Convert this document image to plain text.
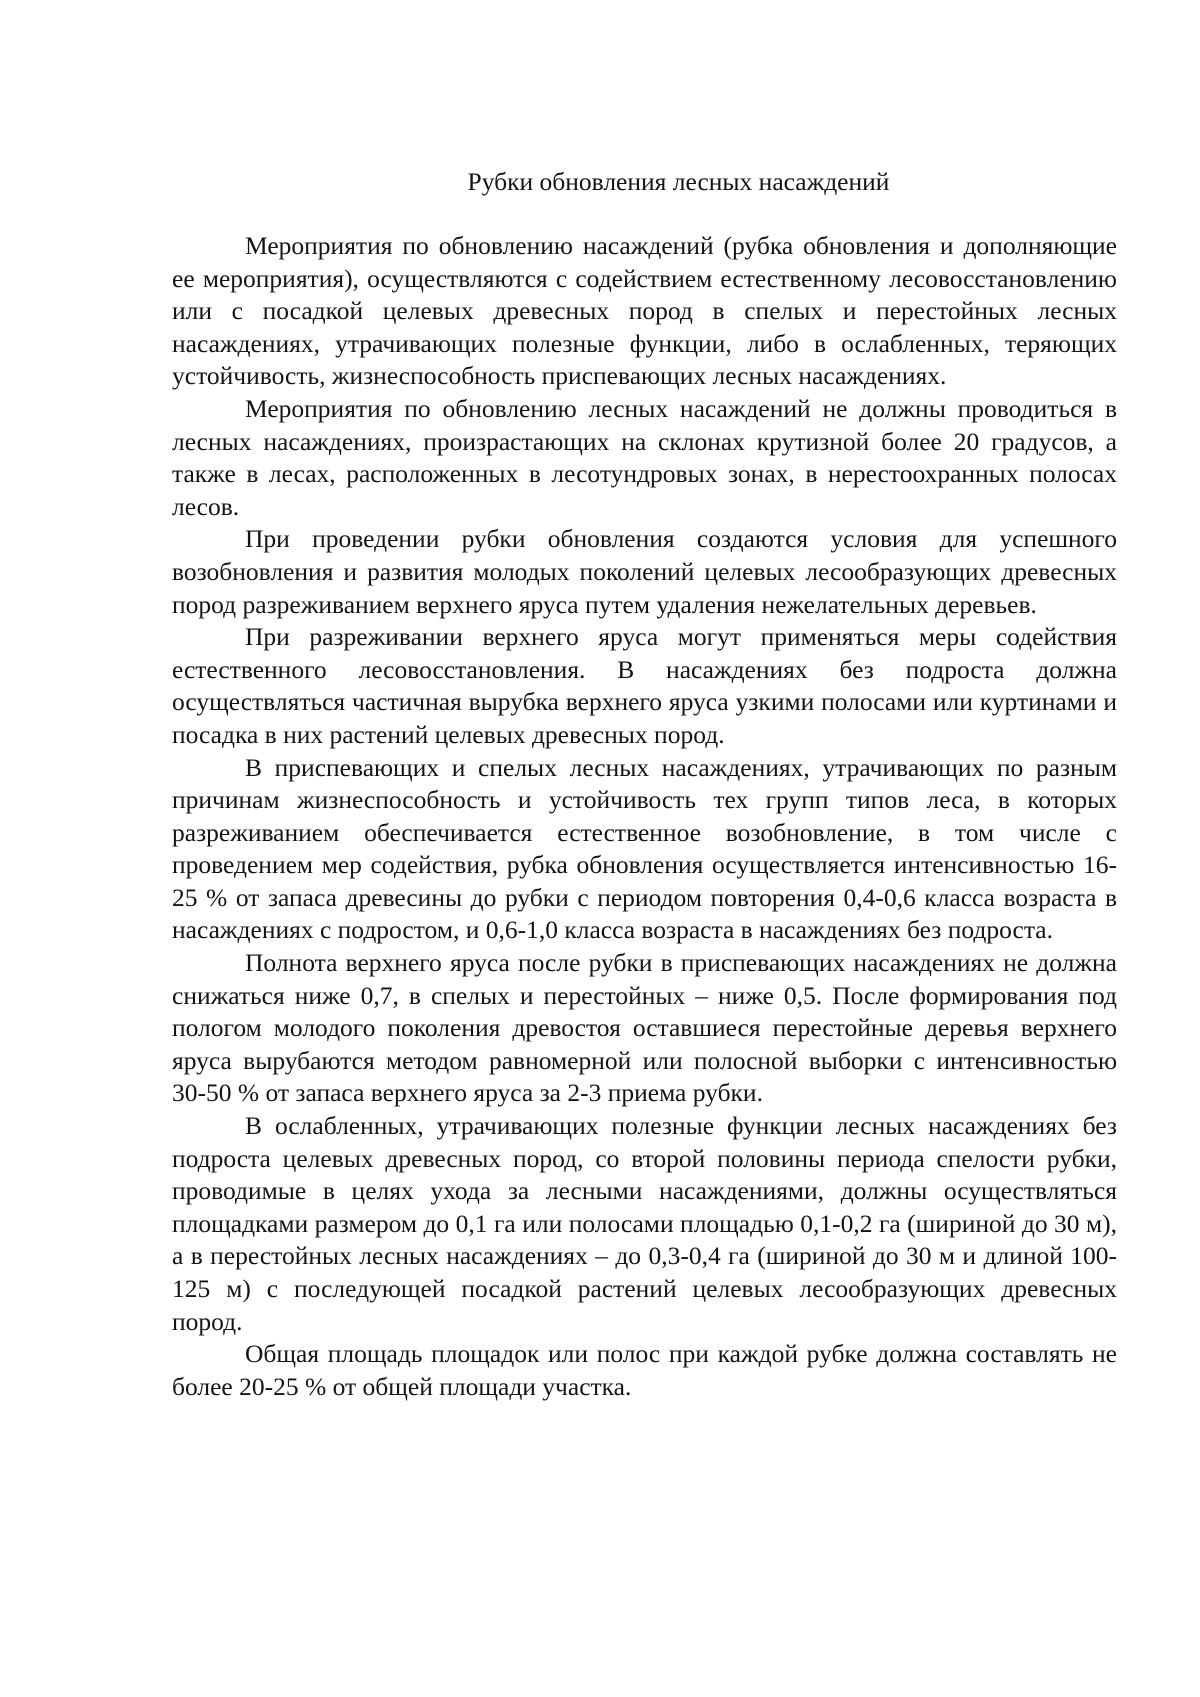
Рубки обновления лесных насаждений

Мероприятия по обновлению насаждений (рубка обновления и дополняющие ее мероприятия), осуществляются с содействием естественному лесовосстановлению или с посадкой целевых древесных пород в спелых и перестойных лесных насаждениях, утрачивающих полезные функции, либо в ослабленных, теряющих устойчивость, жизнеспособность приспевающих лесных насаждениях.

Мероприятия по обновлению лесных насаждений не должны проводиться в лесных насаждениях, произрастающих на склонах крутизной более 20 градусов, а также в лесах, расположенных в лесотундровых зонах, в нерестоохранных полосах лесов.

При проведении рубки обновления создаются условия для успешного возобновления и развития молодых поколений целевых лесообразующих древесных пород разреживанием верхнего яруса путем удаления нежелательных деревьев.

При разреживании верхнего яруса могут применяться меры содействия естественного лесовосстановления. В насаждениях без подроста должна осуществляться частичная вырубка верхнего яруса узкими полосами или куртинами и посадка в них растений целевых древесных пород.

В приспевающих и спелых лесных насаждениях, утрачивающих по разным причинам жизнеспособность и устойчивость тех групп типов леса, в которых разреживанием обеспечивается естественное возобновление, в том числе с проведением мер содействия, рубка обновления осуществляется интенсивностью 16-25 % от запаса древесины до рубки с периодом повторения 0,4-0,6 класса возраста в насаждениях с подростом, и 0,6-1,0 класса возраста в насаждениях без подроста.

Полнота верхнего яруса после рубки в приспевающих насаждениях не должна снижаться ниже 0,7, в спелых и перестойных – ниже 0,5. После формирования под пологом молодого поколения древостоя оставшиеся перестойные деревья верхнего яруса вырубаются методом равномерной или полосной выборки с интенсивностью 30-50 % от запаса верхнего яруса за 2-3 приема рубки.

В ослабленных, утрачивающих полезные функции лесных насаждениях без подроста целевых древесных пород, со второй половины периода спелости рубки, проводимые в целях ухода за лесными насаждениями, должны осуществляться площадками размером до 0,1 га или полосами площадью 0,1-0,2 га (шириной до 30 м), а в перестойных лесных насаждениях – до 0,3-0,4 га (шириной до 30 м и длиной 100-125 м) с последующей посадкой растений целевых лесообразующих древесных пород.

Общая площадь площадок или полос при каждой рубке должна составлять не более 20-25 % от общей площади участка.
